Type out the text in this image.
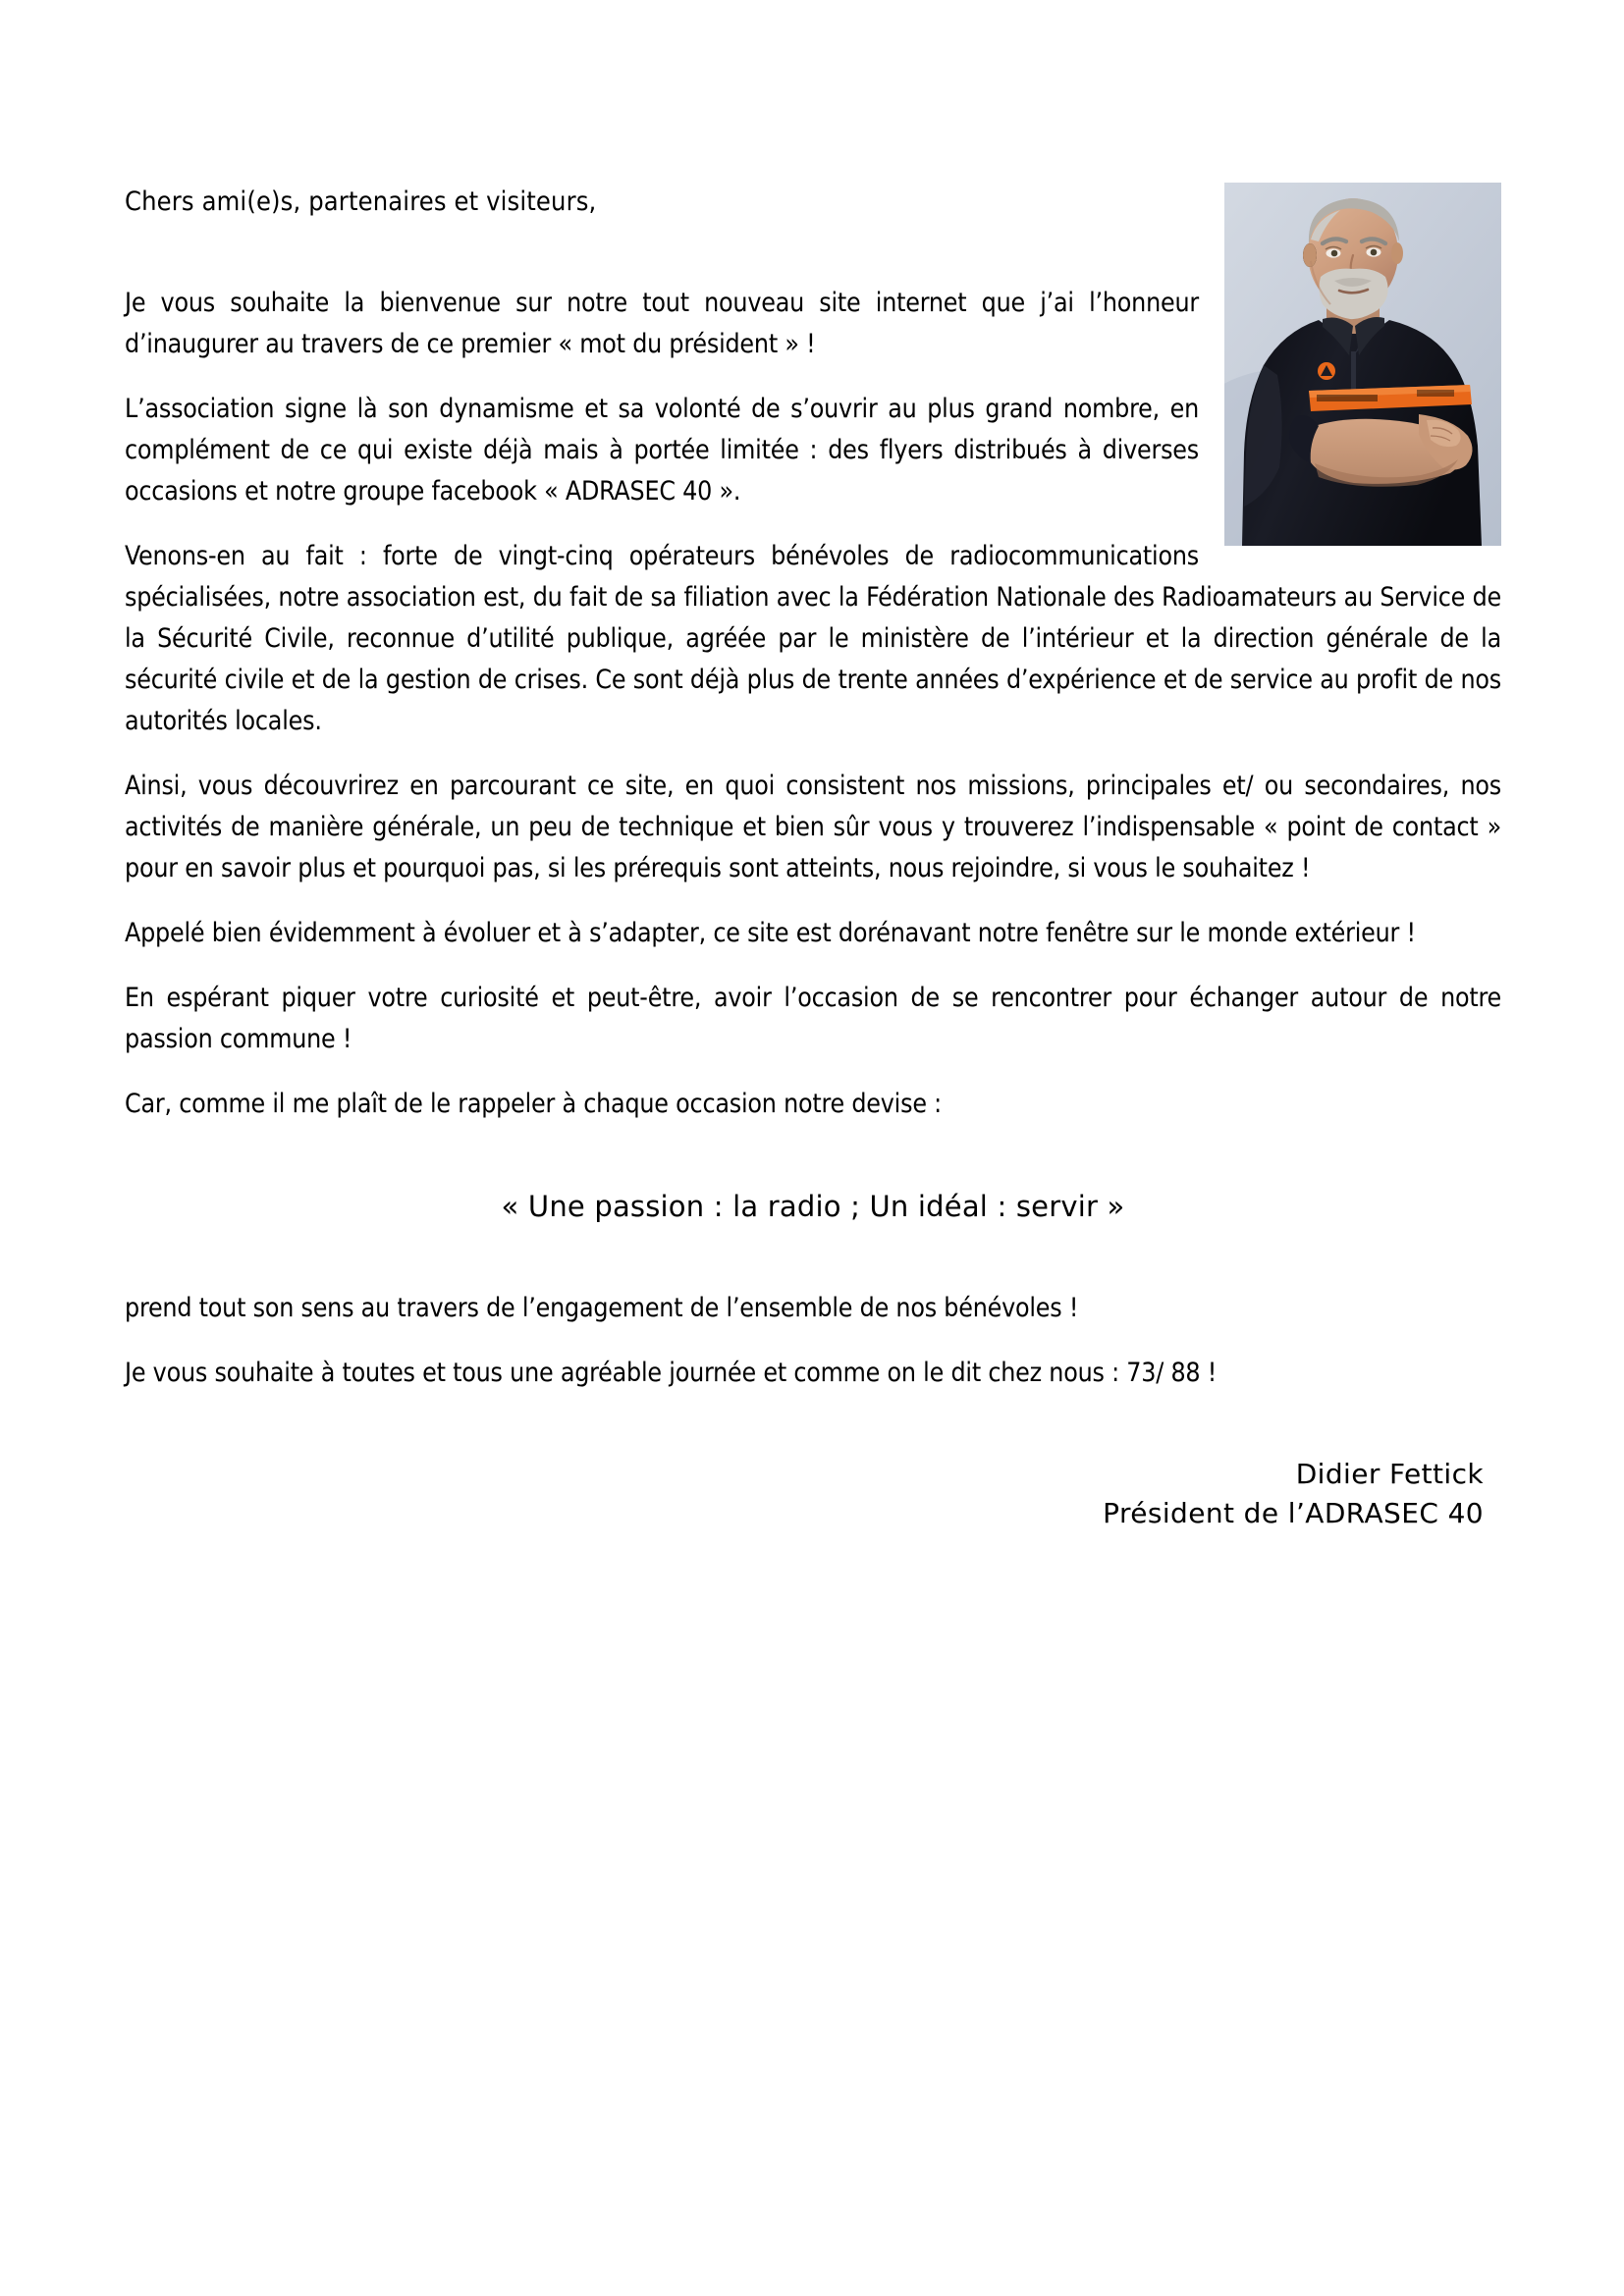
Chers ami(e)s, partenaires et visiteurs,

Je vous souhaite la bienvenue sur notre tout nouveau site internet que j’ai l’honneur d’inaugurer au travers de ce premier « mot du président » !

L’association signe là son dynamisme et sa volonté de s’ouvrir au plus grand nombre, en complément de ce qui existe déjà mais à portée limitée : des flyers distribués à diverses occasions et notre groupe facebook « ADRASEC 40 ».

Venons-en au fait : forte de vingt-cinq opérateurs bénévoles de radiocommunications spécialisées, notre association est, du fait de sa filiation avec la Fédération Nationale des Radioamateurs au Service de la Sécurité Civile, reconnue d’utilité publique, agréée par le ministère de l’intérieur et la direction générale de la sécurité civile et de la gestion de crises. Ce sont déjà plus de trente années d’expérience et de service au profit de nos autorités locales.

Ainsi, vous découvrirez en parcourant ce site, en quoi consistent nos missions, principales et/ ou secondaires, nos activités de manière générale, un peu de technique et bien sûr vous y trouverez l’indispensable « point de contact » pour en savoir plus et pourquoi pas, si les prérequis sont atteints, nous rejoindre, si vous le souhaitez !

Appelé bien évidemment à évoluer et à s’adapter, ce site est dorénavant notre fenêtre sur le monde extérieur !

En espérant piquer votre curiosité et peut-être, avoir l’occasion de se rencontrer pour échanger autour de notre passion commune !

Car, comme il me plaît de le rappeler à chaque occasion notre devise :

« Une passion : la radio ; Un idéal : servir »

prend tout son sens au travers de l’engagement de l’ensemble de nos bénévoles !

Je vous souhaite à toutes et tous une agréable journée et comme on le dit chez nous : 73/ 88 !

Didier Fettick
Président de l’ADRASEC 40
